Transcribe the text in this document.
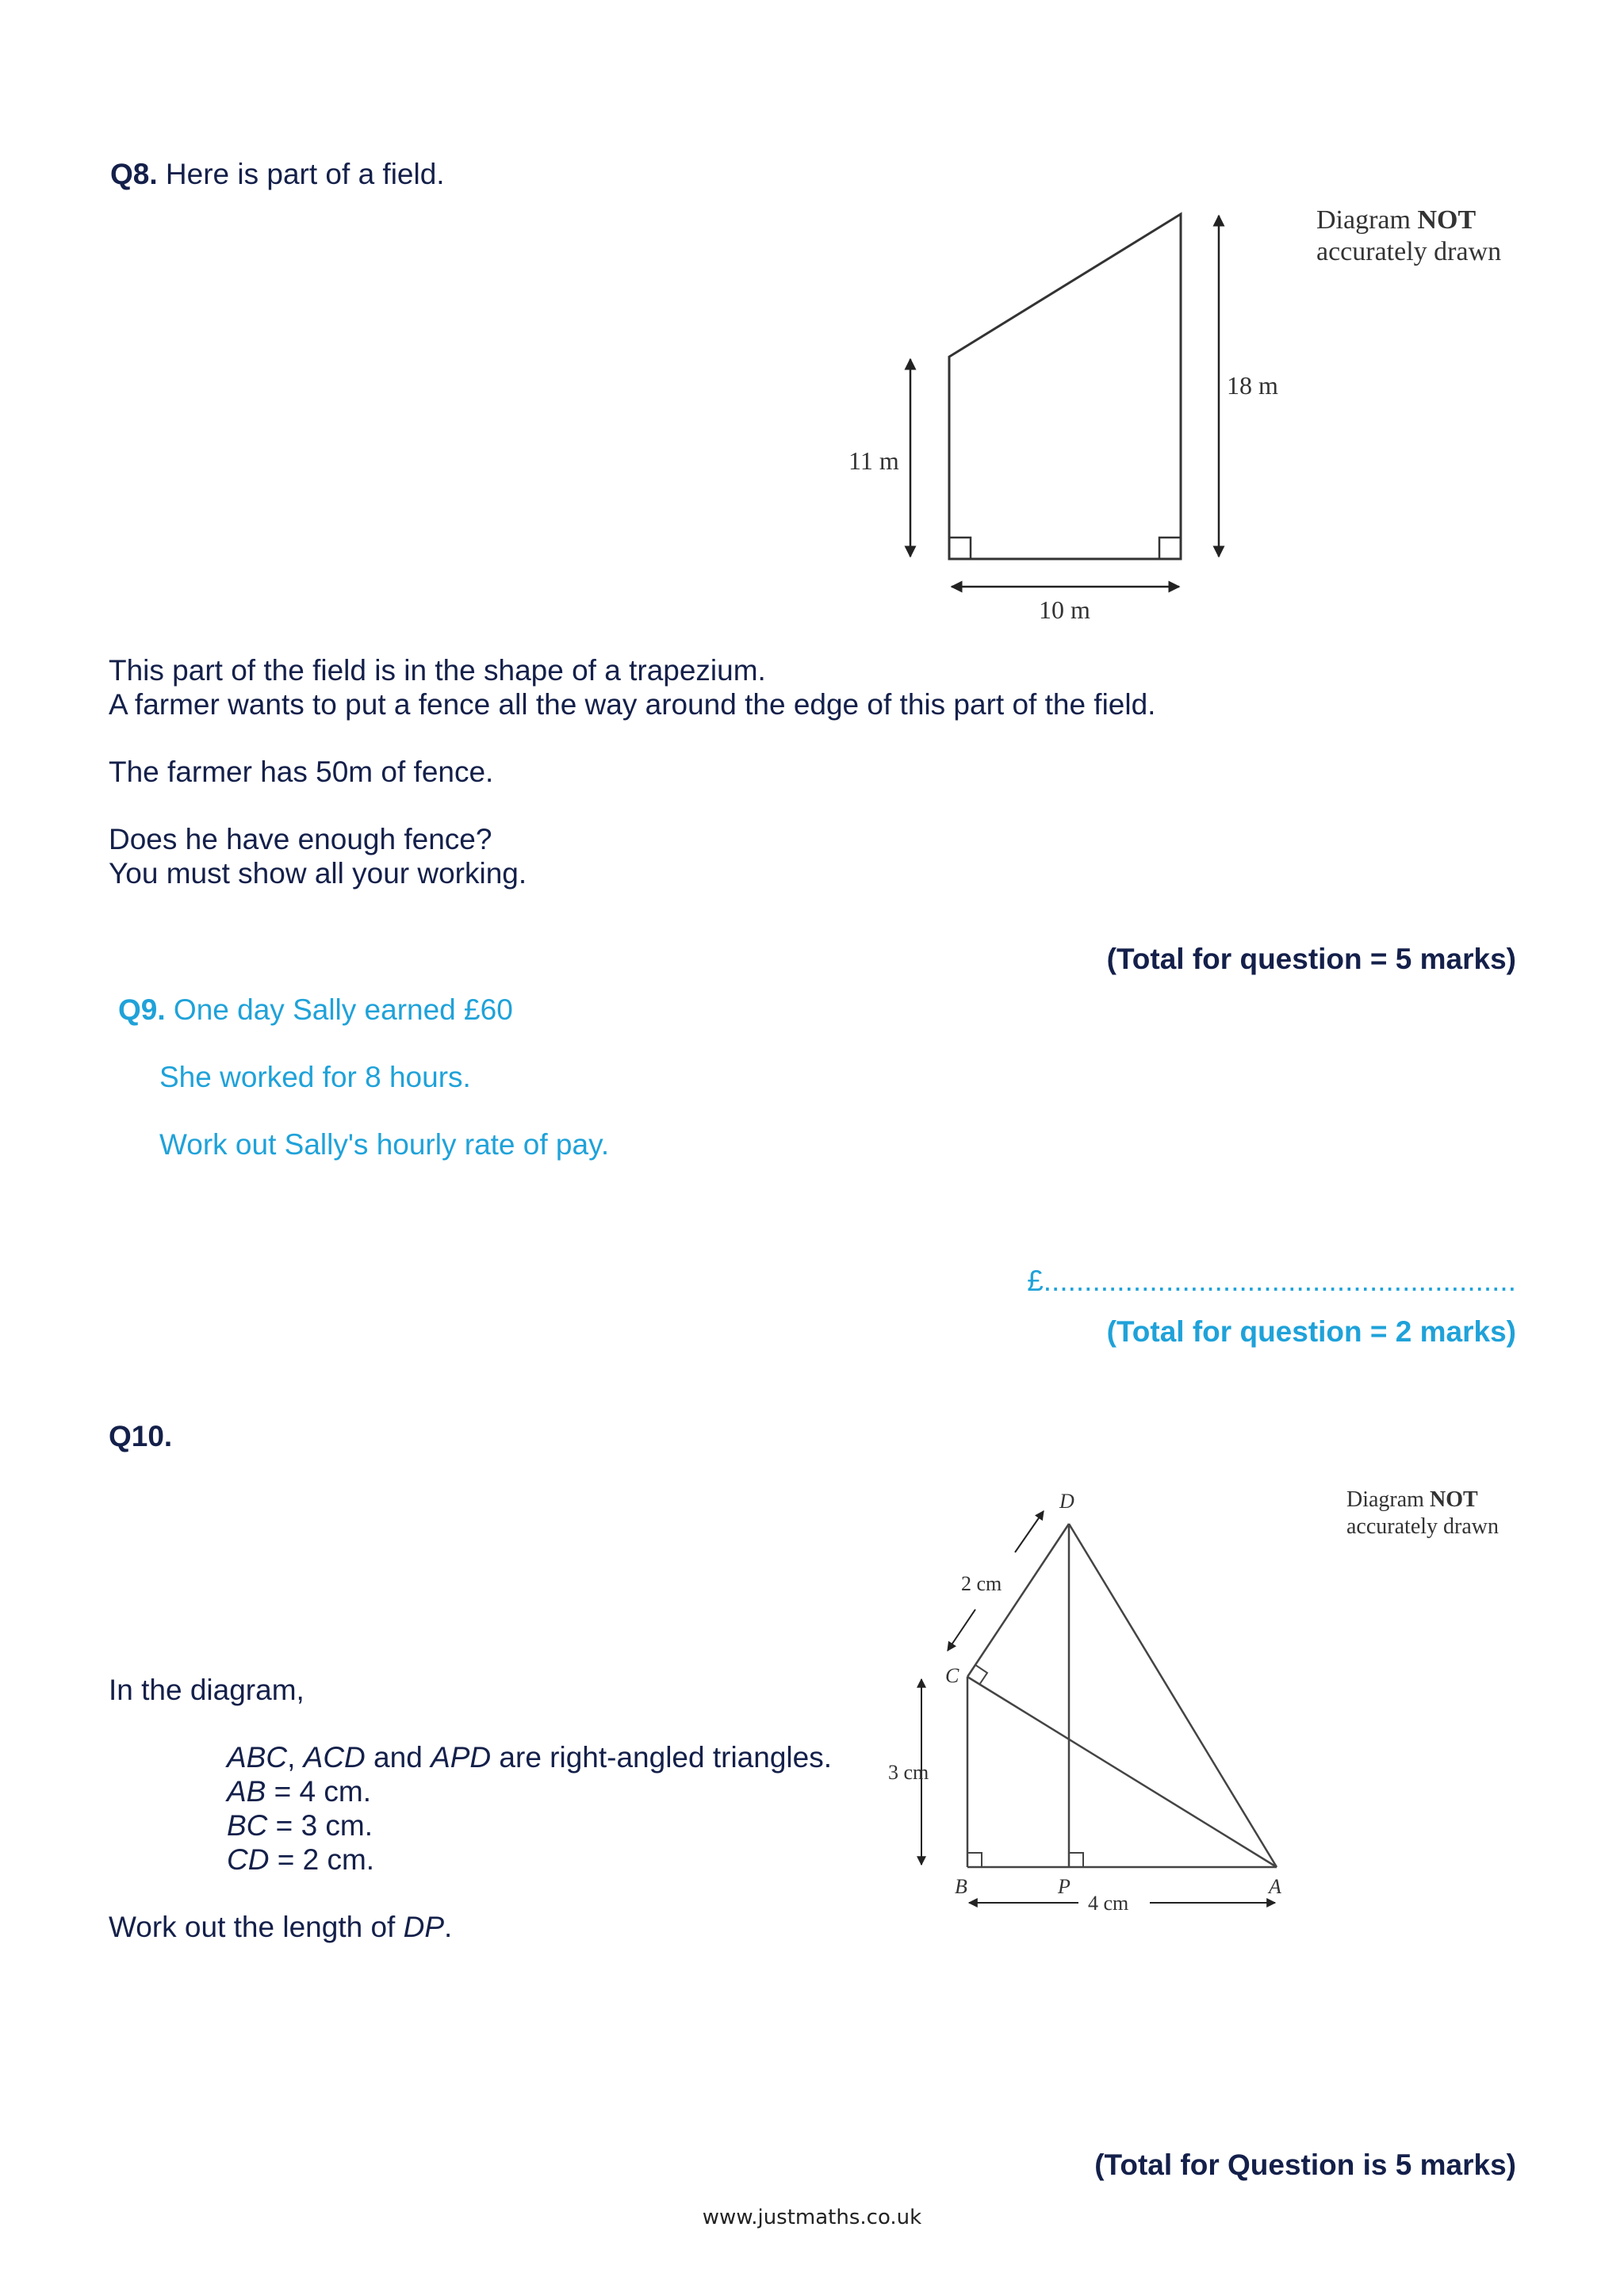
Q8. Here is part of a field.
Diagram NOT
accurately drawn
11 m
18 m
10 m
This part of the field is in the shape of a trapezium.
A farmer wants to put a fence all the way around the edge of this part of the field.
The farmer has 50m of fence.
Does he have enough fence?
You must show all your working.
(Total for question = 5 marks)
Q9. One day Sally earned £60
She worked for 8 hours.
Work out Sally's hourly rate of pay.
£..........................................................
(Total for question = 2 marks)
Q10.
Diagram NOT
accurately drawn
D
C
B	P	A
2 cm
3 cm
4 cm
In the diagram,
ABC, ACD and APD are right-angled triangles.
AB = 4 cm.
BC = 3 cm.
CD = 2 cm.
Work out the length of DP.
(Total for Question is 5 marks)
www.justmaths.co.uk
